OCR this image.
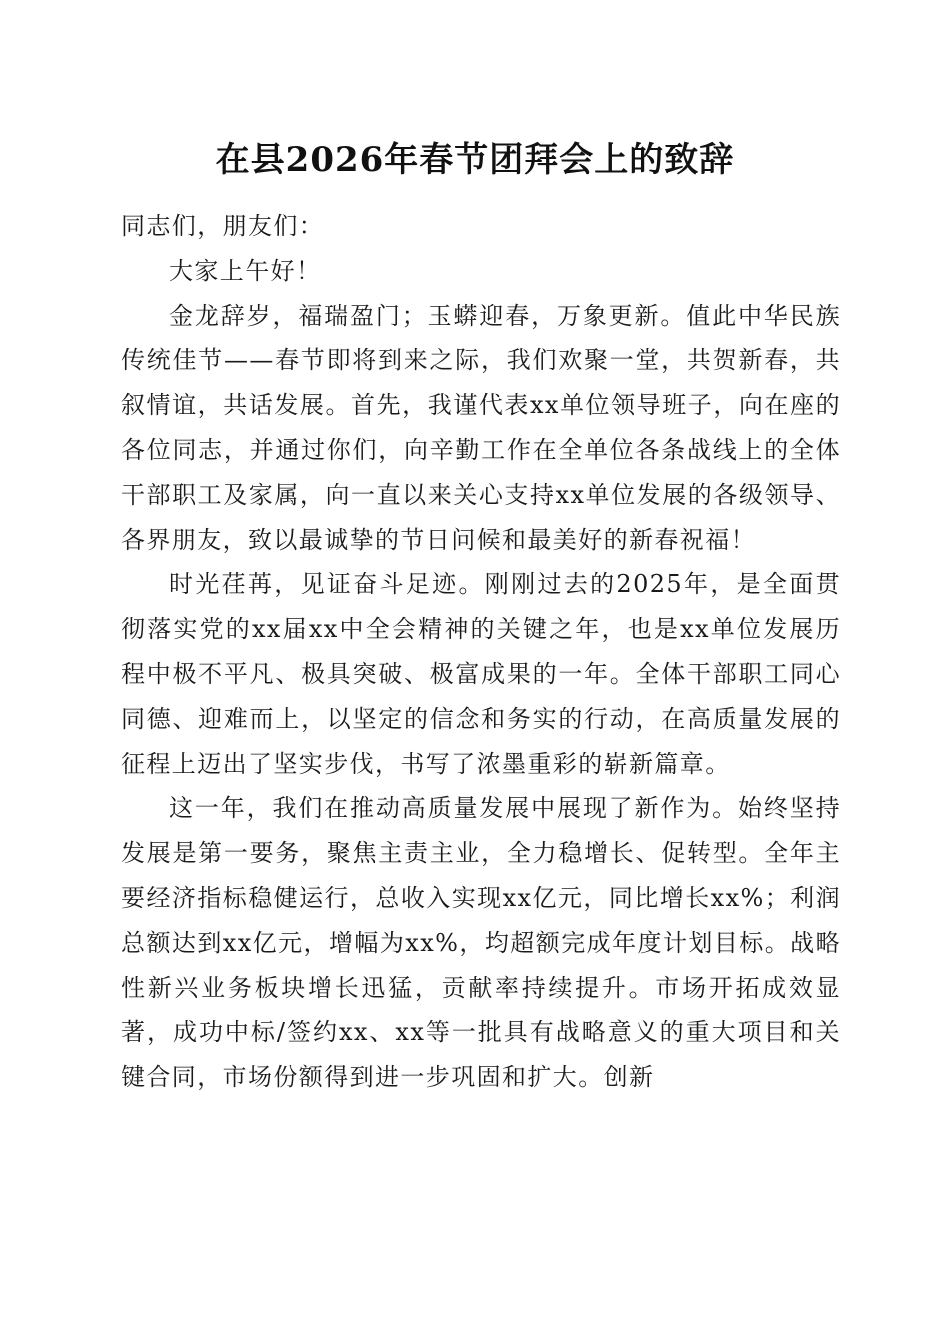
在县2026年春节团拜会上的致辞

同志们，朋友们：

大家上午好！

金龙辞岁，福瑞盈门；玉蟒迎春，万象更新。值此中华民族传统佳节——春节即将到来之际，我们欢聚一堂，共贺新春，共叙情谊，共话发展。首先，我谨代表xx单位领导班子，向在座的各位同志，并通过你们，向辛勤工作在全单位各条战线上的全体干部职工及家属，向一直以来关心支持xx单位发展的各级领导、各界朋友，致以最诚挚的节日问候和最美好的新春祝福！

时光荏苒，见证奋斗足迹。刚刚过去的2025年，是全面贯彻落实党的xx届xx中全会精神的关键之年，也是xx单位发展历程中极不平凡、极具突破、极富成果的一年。全体干部职工同心同德、迎难而上，以坚定的信念和务实的行动，在高质量发展的征程上迈出了坚实步伐，书写了浓墨重彩的崭新篇章。

这一年，我们在推动高质量发展中展现了新作为。始终坚持发展是第一要务，聚焦主责主业，全力稳增长、促转型。全年主要经济指标稳健运行，总收入实现xx亿元，同比增长xx%；利润总额达到xx亿元，增幅为xx%，均超额完成年度计划目标。战略性新兴业务板块增长迅猛，贡献率持续提升。市场开拓成效显著，成功中标/签约xx、xx等一批具有战略意义的重大项目和关键合同，市场份额得到进一步巩固和扩大。创新
